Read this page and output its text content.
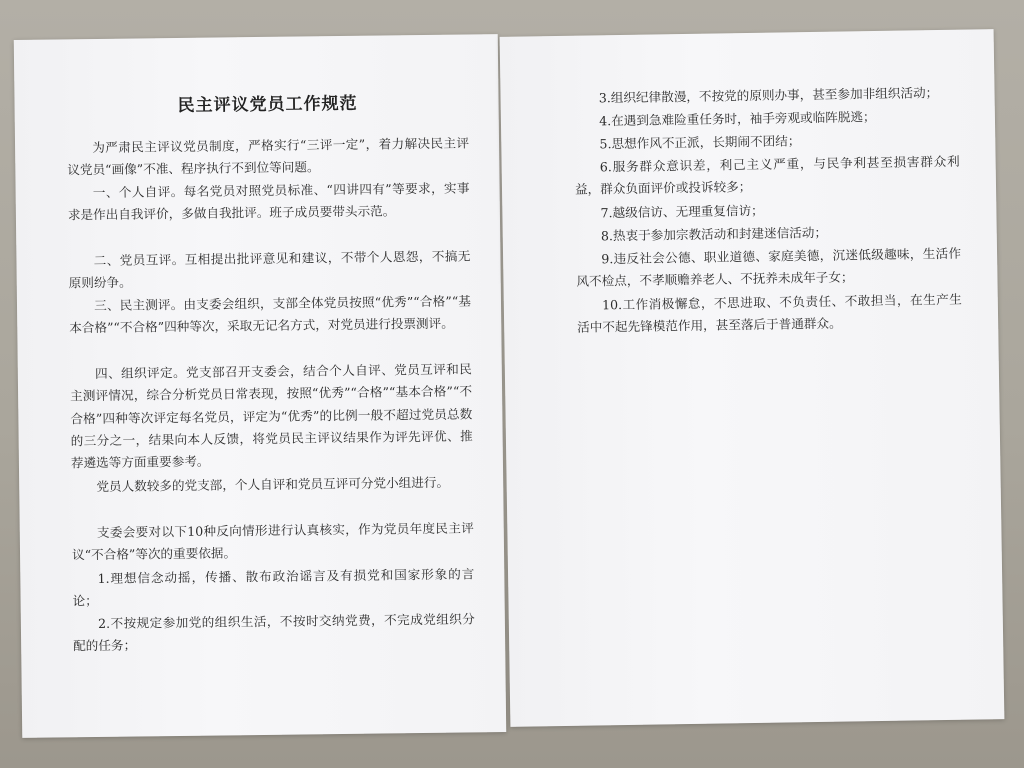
民主评议党员工作规范

为严肃民主评议党员制度，严格实行“三评一定”，着力解决民主评议党员“画像”不准、程序执行不到位等问题。

一、个人自评。每名党员对照党员标准、“四讲四有”等要求，实事求是作出自我评价，多做自我批评。班子成员要带头示范。

二、党员互评。互相提出批评意见和建议，不带个人恩怨，不搞无原则纷争。

三、民主测评。由支委会组织，支部全体党员按照“优秀”“合格”“基本合格”“不合格”四种等次，采取无记名方式，对党员进行投票测评。

四、组织评定。党支部召开支委会，结合个人自评、党员互评和民主测评情况，综合分析党员日常表现，按照“优秀”“合格”“基本合格”“不合格”四种等次评定每名党员，评定为“优秀”的比例一般不超过党员总数的三分之一，结果向本人反馈，将党员民主评议结果作为评先评优、推荐遴选等方面重要参考。

党员人数较多的党支部，个人自评和党员互评可分党小组进行。

支委会要对以下10种反向情形进行认真核实，作为党员年度民主评议“不合格”等次的重要依据。

1.理想信念动摇，传播、散布政治谣言及有损党和国家形象的言论；

2.不按规定参加党的组织生活，不按时交纳党费，不完成党组织分配的任务；

3.组织纪律散漫，不按党的原则办事，甚至参加非组织活动；

4.在遇到急难险重任务时，袖手旁观或临阵脱逃；

5.思想作风不正派，长期闹不团结；

6.服务群众意识差，利己主义严重，与民争利甚至损害群众利益，群众负面评价或投诉较多；

7.越级信访、无理重复信访；

8.热衷于参加宗教活动和封建迷信活动；

9.违反社会公德、职业道德、家庭美德，沉迷低级趣味，生活作风不检点，不孝顺赡养老人、不抚养未成年子女；

10.工作消极懈怠，不思进取、不负责任、不敢担当，在生产生活中不起先锋模范作用，甚至落后于普通群众。
